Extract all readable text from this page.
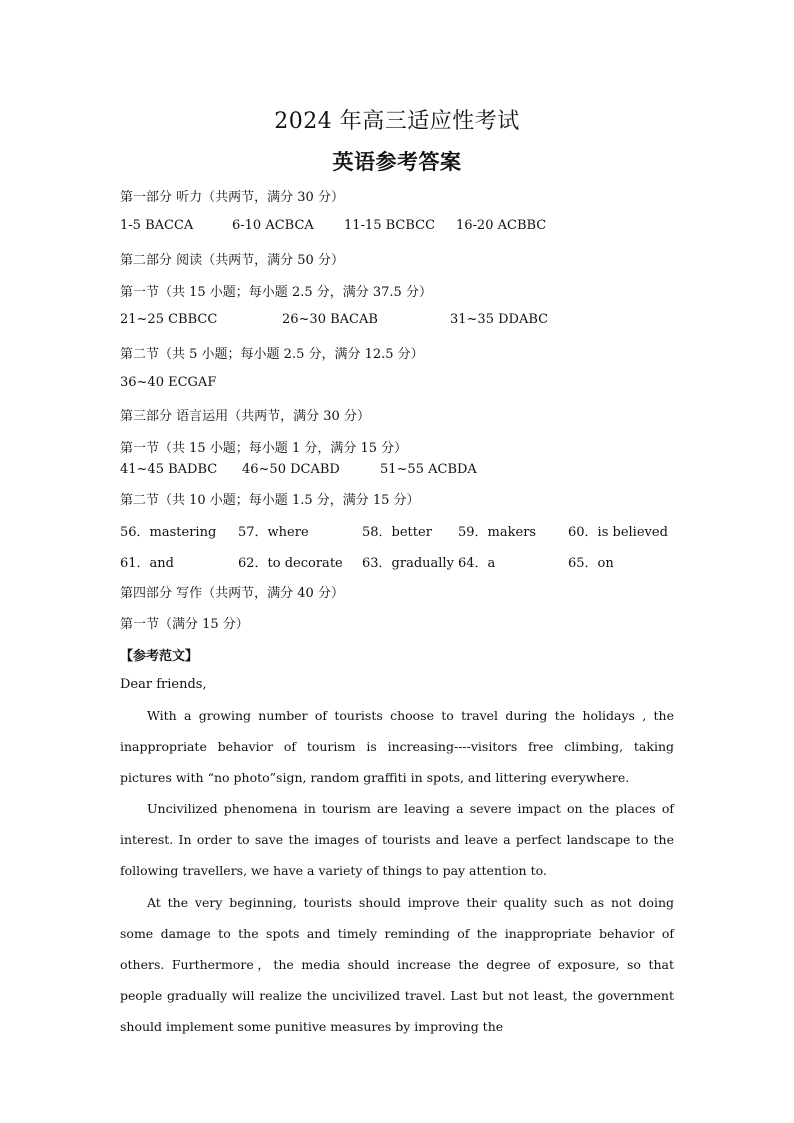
2024 年高三适应性考试
英语参考答案
第一部分 听力（共两节，满分 30 分）
1-5 BACCA	6-10 ACBCA 11-15 BCBCC 16-20 ACBBC
第二部分 阅读（共两节，满分 50 分）
第一节（共 15 小题；每小题 2.5 分，满分 37.5 分）
21~25 CBBCC	26~30 BACAB	31~35 DDABC
第二节（共 5 小题；每小题 2.5 分，满分 12.5 分）
36~40 ECGAF
第三部分 语言运用（共两节，满分 30 分）
第一节（共 15 小题；每小题 1 分，满分 15 分）
41~45 BADBC 46~50 DCABD	51~55 ACBDA
第二节（共 10 小题；每小题 1.5 分，满分 15 分）
56．mastering 57．where	58．better 59．makers 60．is believed
61．and	62．to decorate 63．gradually 64．a	65．on
第四部分 写作（共两节，满分 40 分）
第一节（满分 15 分）
【参考范文】
Dear friends,
With a growing number of tourists choose to travel during the holidays , the inappropriate behavior of tourism is increasing----visitors free climbing, taking pictures with “no photo”sign, random graffiti in spots, and littering everywhere.
Uncivilized phenomena in tourism are leaving a severe impact on the places of interest. In order to save the images of tourists and leave a perfect landscape to the following travellers, we have a variety of things to pay attention to.
At the very beginning, tourists should improve their quality such as not doing some damage to the spots and timely reminding of the inappropriate behavior of others. Furthermore，the media should increase the degree of exposure, so that people gradually will realize the uncivilized travel. Last but not least, the government should implement some punitive measures by improving the
